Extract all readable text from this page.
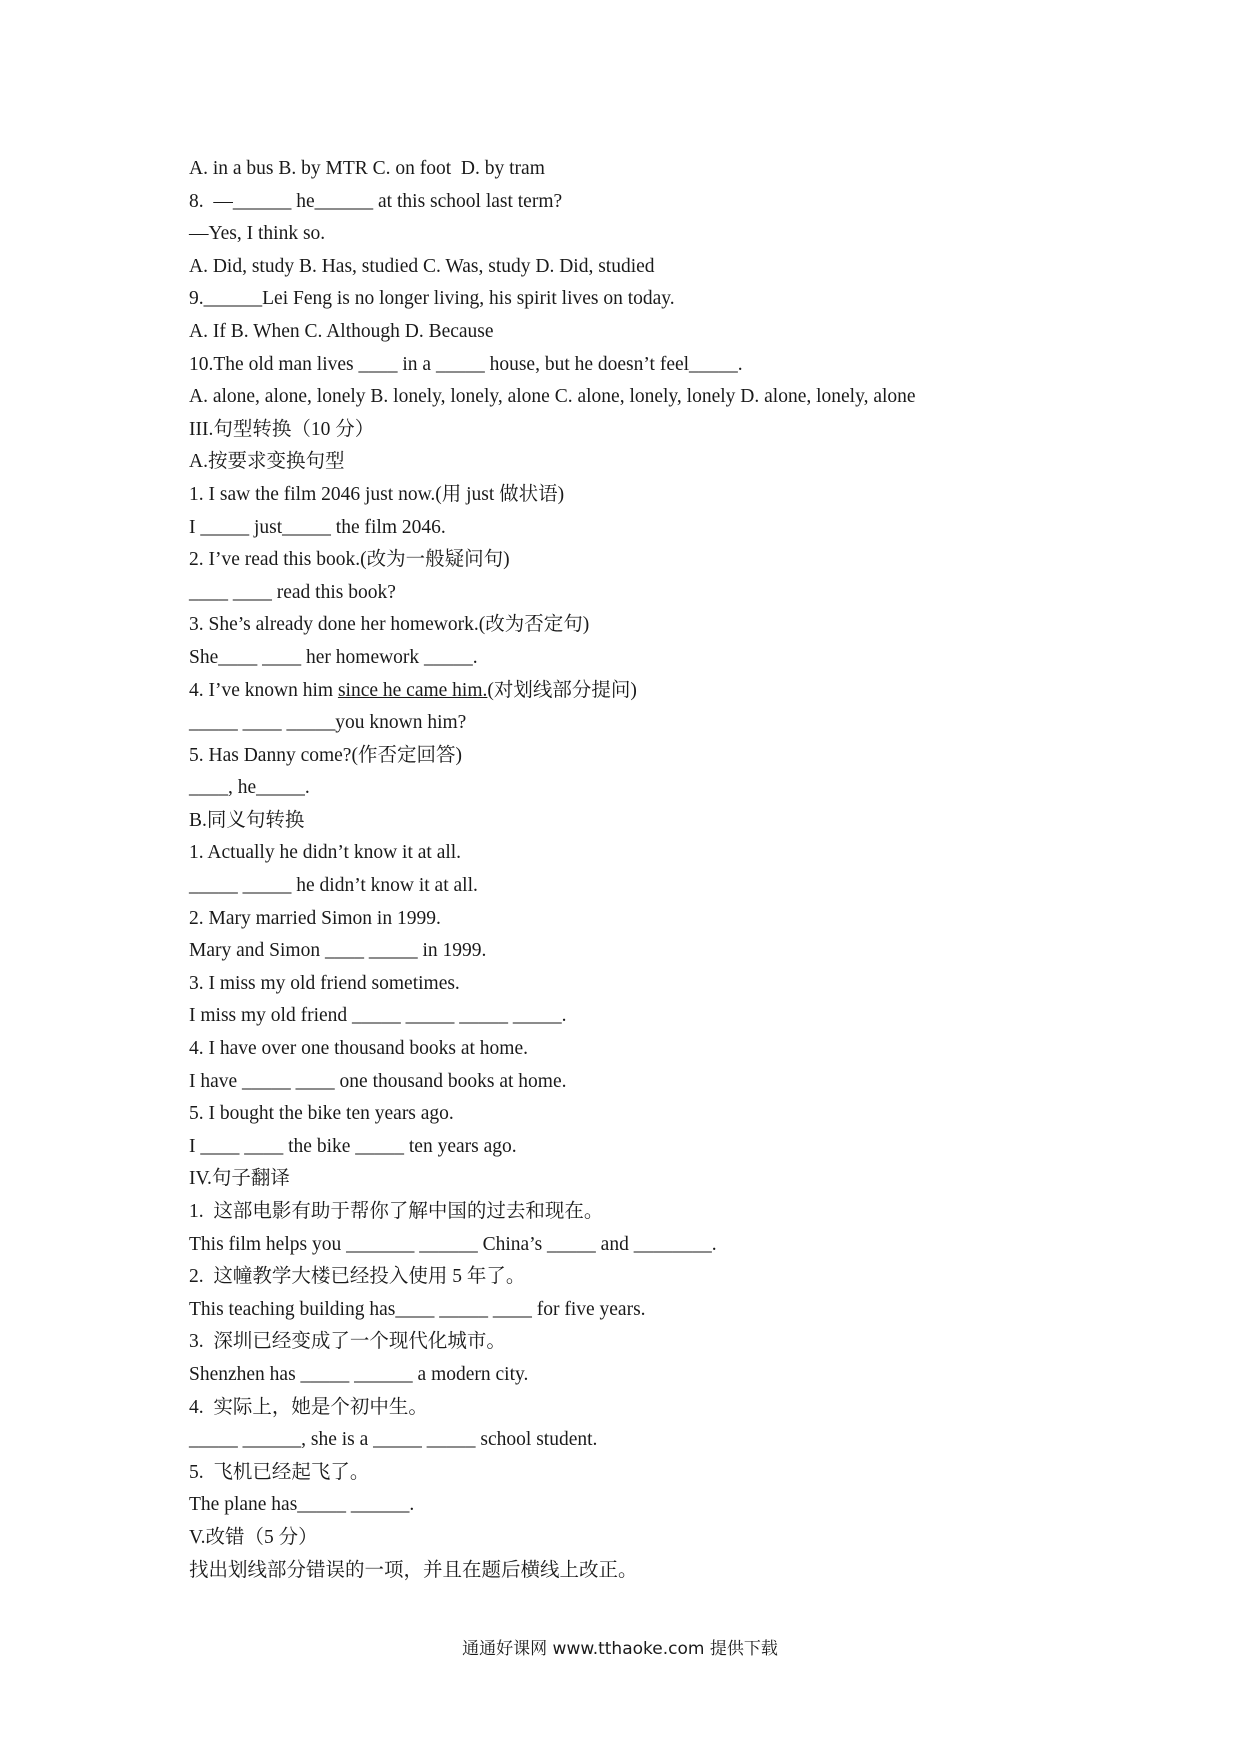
A. in a bus B. by MTR C. on foot  D. by tram
8.  —______ he______ at this school last term?
—Yes, I think so.
A. Did, study B. Has, studied C. Was, study D. Did, studied
9.______Lei Feng is no longer living, his spirit lives on today.
A. If B. When C. Although D. Because
10.The old man lives ____ in a _____ house, but he doesn’t feel_____.
A. alone, alone, lonely B. lonely, lonely, alone C. alone, lonely, lonely D. alone, lonely, alone
III.句型转换（10 分）
A.按要求变换句型
1. I saw the film 2046 just now.(用 just 做状语)
I _____ just_____ the film 2046.
2. I’ve read this book.(改为一般疑问句)
____ ____ read this book?
3. She’s already done her homework.(改为否定句)
She____ ____ her homework _____.
4. I’ve known him since he came him.(对划线部分提问)
_____ ____ _____you known him?
5. Has Danny come?(作否定回答)
____, he_____.
B.同义句转换
1. Actually he didn’t know it at all.
_____ _____ he didn’t know it at all.
2. Mary married Simon in 1999.
Mary and Simon ____ _____ in 1999.
3. I miss my old friend sometimes.
I miss my old friend _____ _____ _____ _____.
4. I have over one thousand books at home.
I have _____ ____ one thousand books at home.
5. I bought the bike ten years ago.
I ____ ____ the bike _____ ten years ago.
IV.句子翻译
1.  这部电影有助于帮你了解中国的过去和现在。
This film helps you _______ ______ China’s _____ and ________.
2.  这幢教学大楼已经投入使用 5 年了。
This teaching building has____ _____ ____ for five years.
3.  深圳已经变成了一个现代化城市。
Shenzhen has _____ ______ a modern city.
4.  实际上，她是个初中生。
_____ ______, she is a _____ _____ school student.
5.  飞机已经起飞了。
The plane has_____ ______.
V.改错（5 分）
找出划线部分错误的一项，并且在题后横线上改正。
通通好课网 www.tthaoke.com 提供下载
